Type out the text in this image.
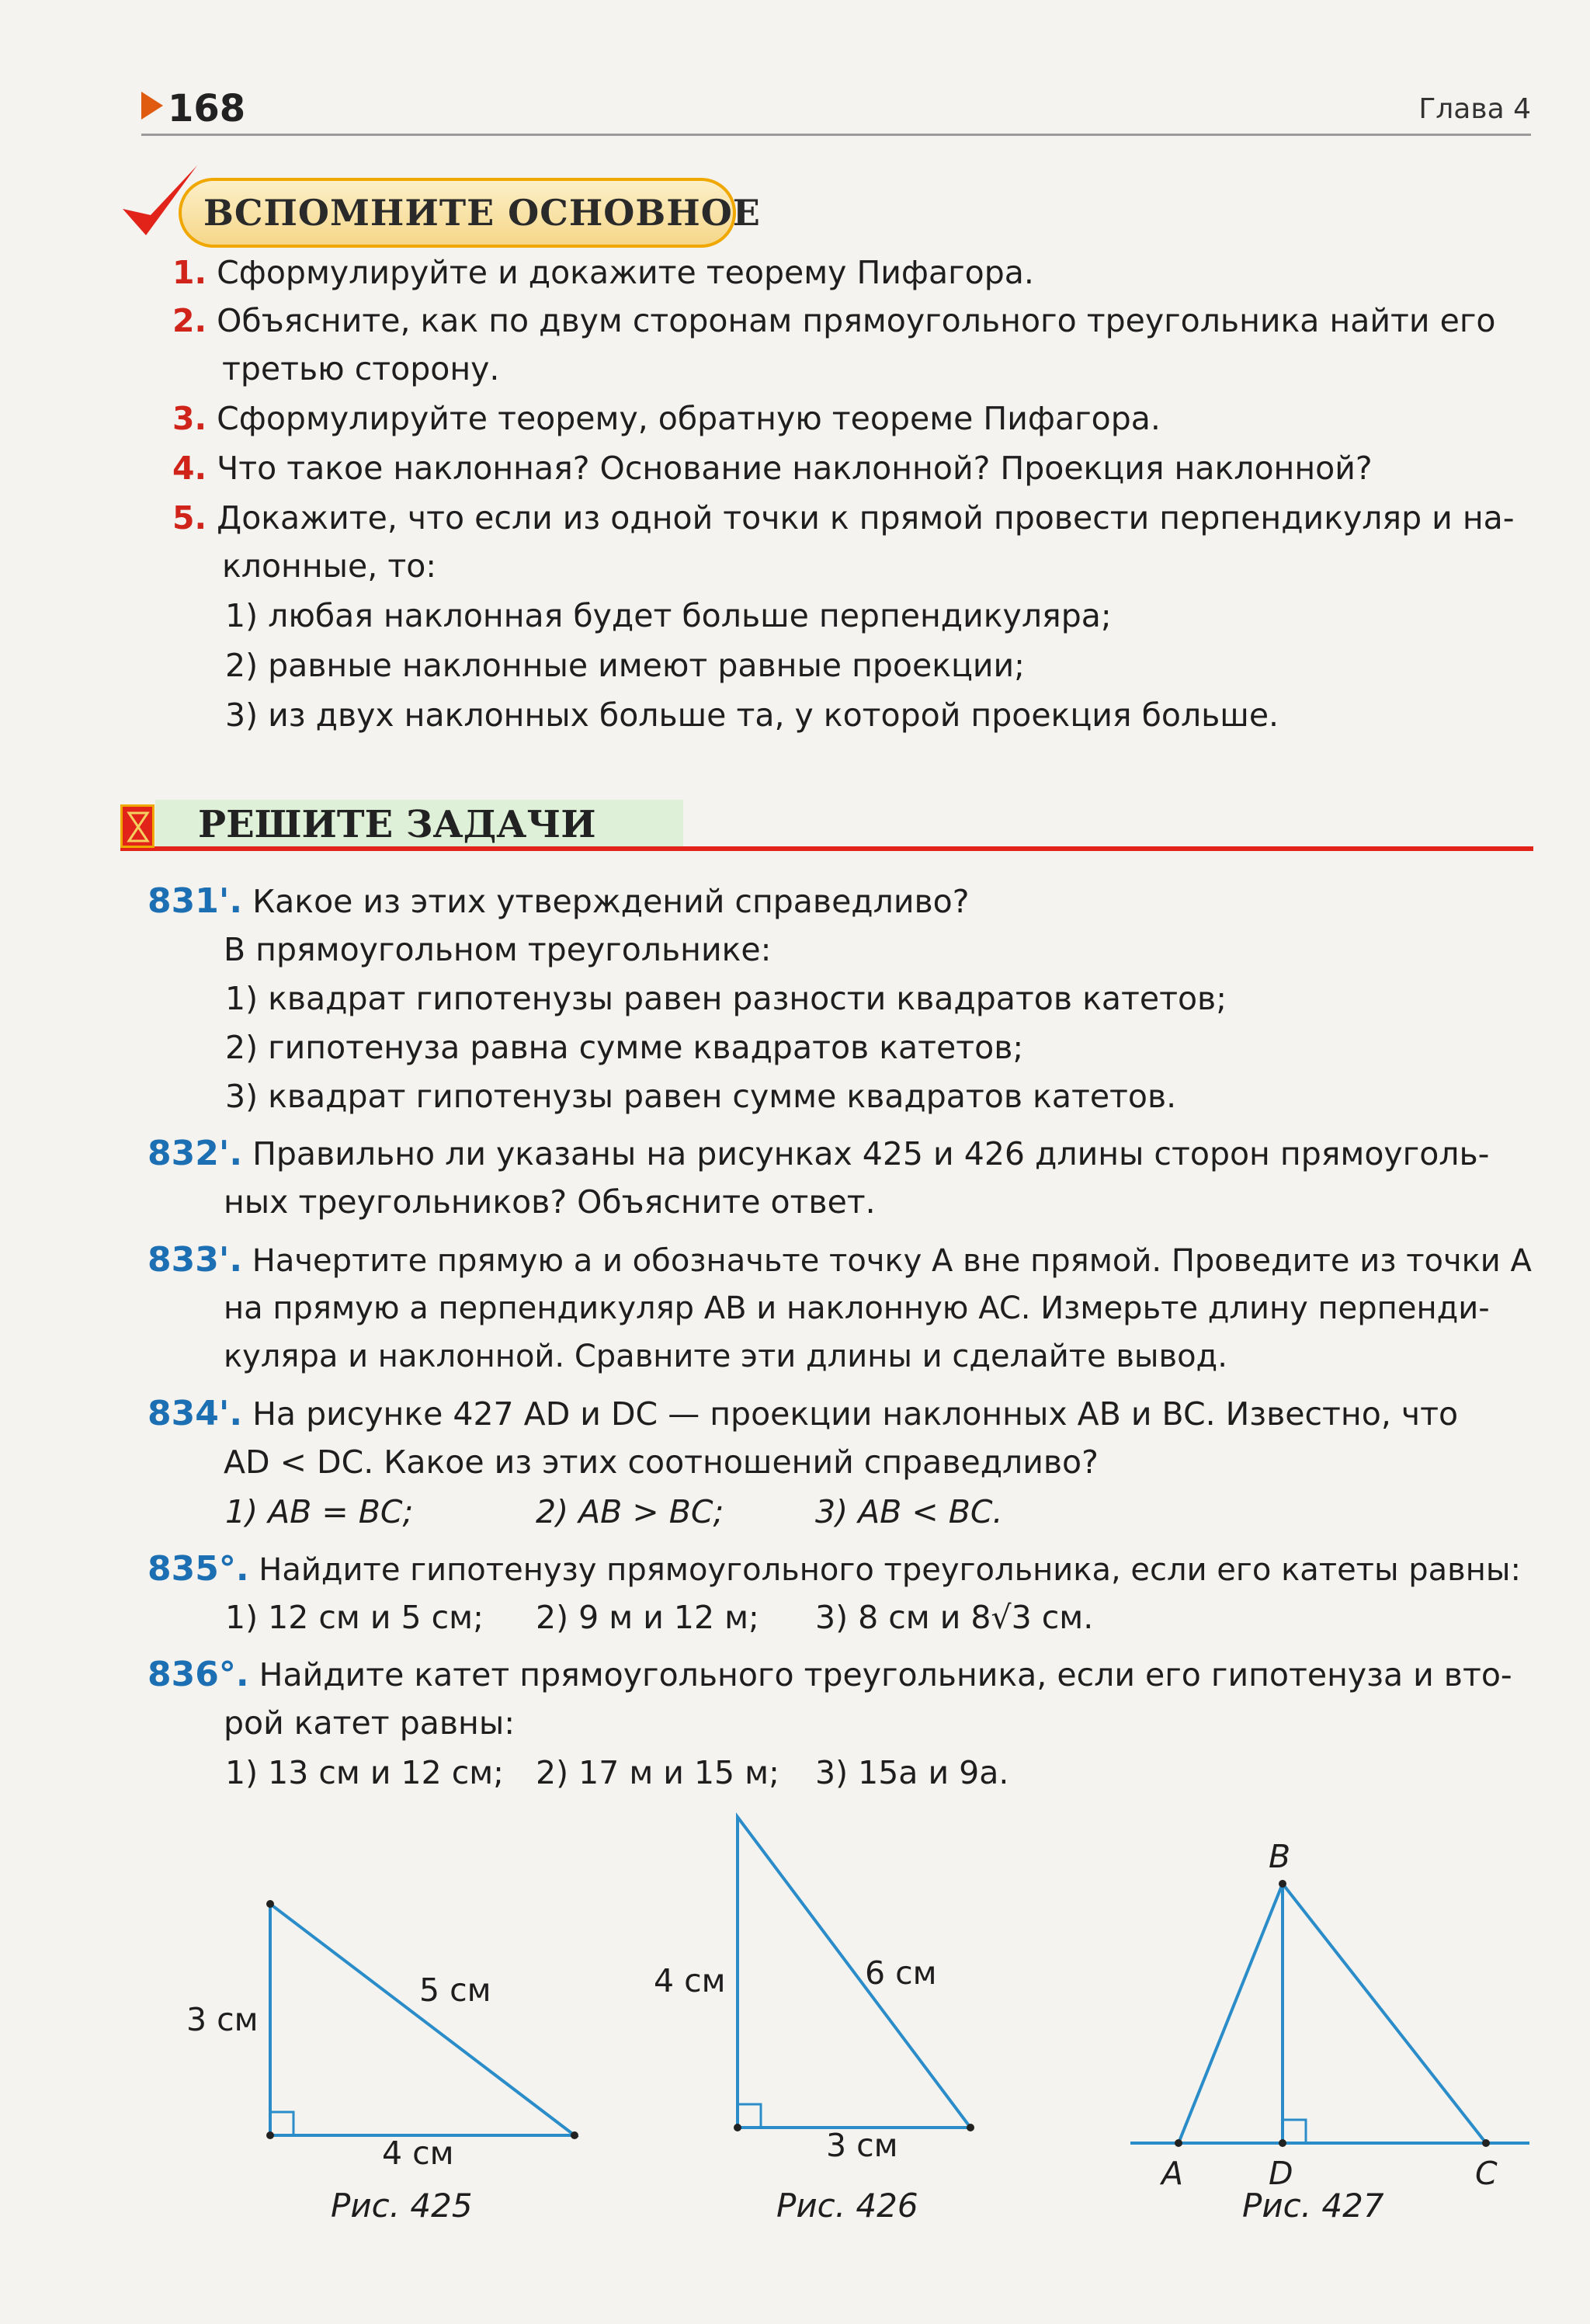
168	Глава 4
ВСПОМНИТЕ ОСНОВНОЕ
1. Сформулируйте и докажите теорему Пифагора.
2. Объясните, как по двум сторонам прямоугольного треугольника найти его
третью сторону.
3. Сформулируйте теорему, обратную теореме Пифагора.
4. Что такое наклонная? Основание наклонной? Проекция наклонной?
5. Докажите, что если из одной точки к прямой провести перпендикуляр и на-
клонные, то:
1) любая наклонная будет больше перпендикуляра;
2) равные наклонные имеют равные проекции;
3) из двух наклонных больше та, у которой проекция больше.
РЕШИТЕ ЗАДАЧИ
831'. Какое из этих утверждений справедливо?
В прямоугольном треугольнике:
1) квадрат гипотенузы равен разности квадратов катетов;
2) гипотенуза равна сумме квадратов катетов;
3) квадрат гипотенузы равен сумме квадратов катетов.
832'. Правильно ли указаны на рисунках 425 и 426 длины сторон прямоуголь-
ных треугольников? Объясните ответ.
833'. Начертите прямую a и обозначьте точку A вне прямой. Проведите из точки A
на прямую a перпендикуляр AB и наклонную AC. Измерьте длину перпенди-
куляра и наклонной. Сравните эти длины и сделайте вывод.
834'. На рисунке 427 AD и DC — проекции наклонных AB и BC. Известно, что
AD < DC. Какое из этих соотношений справедливо?
1) AB = BC;	2) AB > BC;	3) AB < BC.
835°. Найдите гипотенузу прямоугольного треугольника, если его катеты равны:
1) 12 см и 5 см; 2) 9 м и 12 м; 3) 8 см и 8√3 см.
836°. Найдите катет прямоугольного треугольника, если его гипотенуза и вто-
рой катет равны:
1) 13 см и 12 см; 2) 17 м и 15 м; 3) 15a и 9a.
3 см
5 см
4 см
Рис. 425
4 см	6 см
3 см
Рис. 426
B
A	D	C
Рис. 427
